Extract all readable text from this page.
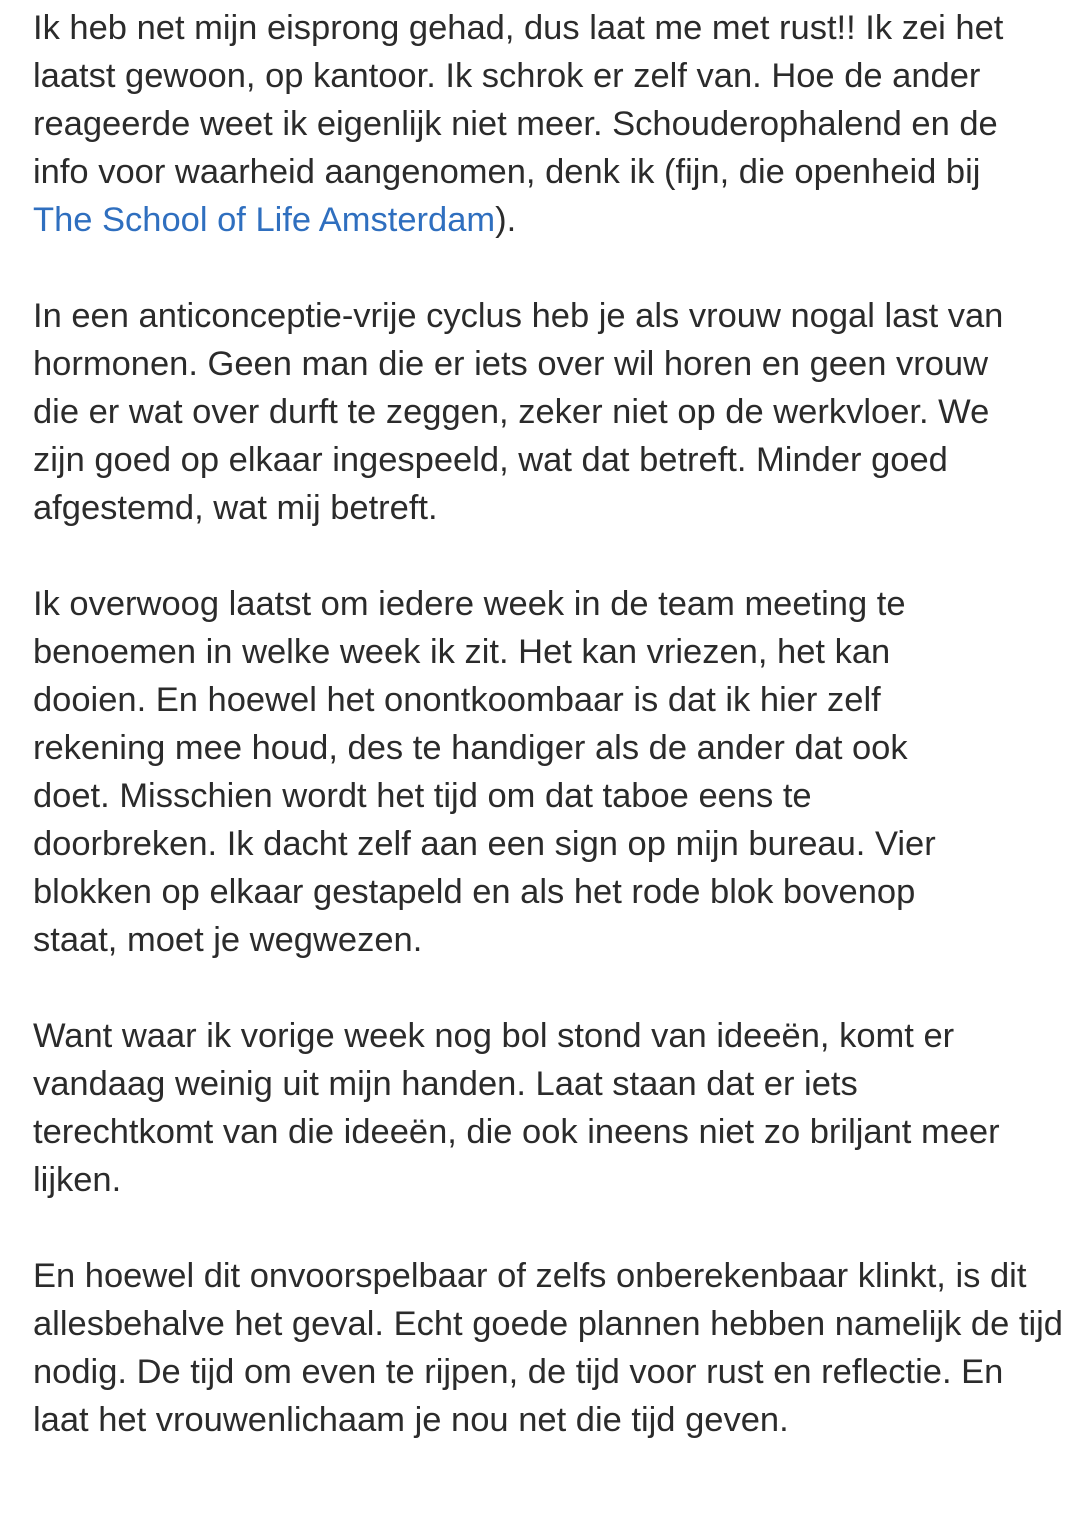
Ik heb net mijn eisprong gehad, dus laat me met rust!! Ik zei het laatst gewoon, op kantoor. Ik schrok er zelf van. Hoe de ander reageerde weet ik eigenlijk niet meer. Schouderophalend en de info voor waarheid aangenomen, denk ik (fijn, die openheid bij The School of Life Amsterdam).

In een anticonceptie-vrije cyclus heb je als vrouw nogal last van hormonen. Geen man die er iets over wil horen en geen vrouw die er wat over durft te zeggen, zeker niet op de werkvloer. We zijn goed op elkaar ingespeeld, wat dat betreft. Minder goed afgestemd, wat mij betreft.

Ik overwoog laatst om iedere week in de team meeting te benoemen in welke week ik zit. Het kan vriezen, het kan dooien. En hoewel het onontkoombaar is dat ik hier zelf rekening mee houd, des te handiger als de ander dat ook doet. Misschien wordt het tijd om dat taboe eens te doorbreken. Ik dacht zelf aan een sign op mijn bureau. Vier blokken op elkaar gestapeld en als het rode blok bovenop staat, moet je wegwezen.

Want waar ik vorige week nog bol stond van ideeën, komt er vandaag weinig uit mijn handen. Laat staan dat er iets terechtkomt van die ideeën, die ook ineens niet zo briljant meer lijken.

En hoewel dit onvoorspelbaar of zelfs onberekenbaar klinkt, is dit allesbehalve het geval. Echt goede plannen hebben namelijk de tijd nodig. De tijd om even te rijpen, de tijd voor rust en reflectie. En laat het vrouwenlichaam je nou net die tijd geven.
